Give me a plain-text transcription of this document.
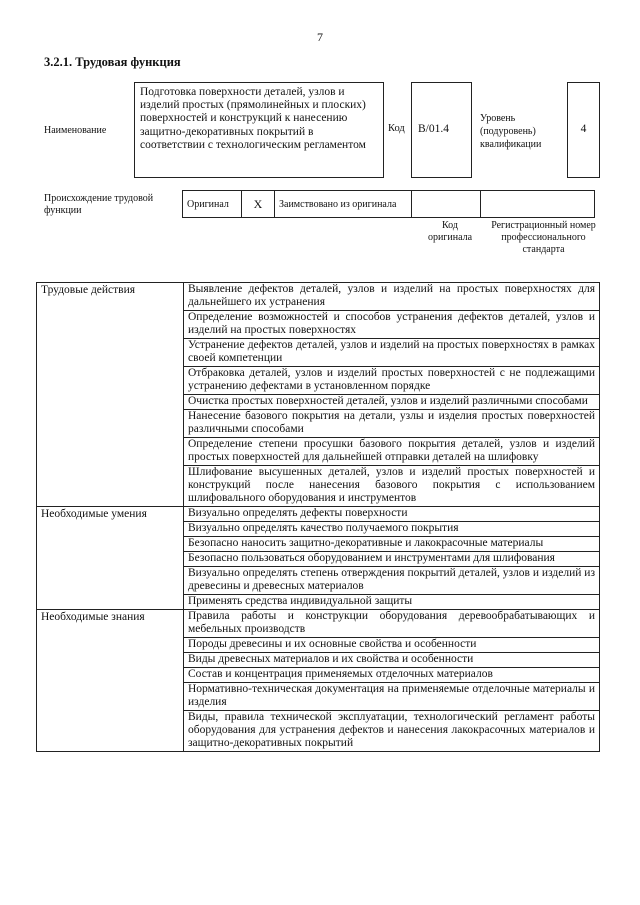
7
3.2.1. Трудовая функция
Наименование
Подготовка поверхности деталей, узлов и изделий простых (прямолинейных и плоских) поверхностей и конструкций к нанесению защитно-декоративных покрытий в соответствии с технологическим регламентом
Код	В/01.4
Уровень (подуровень) квалификации
4
Происхождение трудовой функции
Оригинал	X	Заимствовано из оригинала		
Код оригинала
Регистрационный номер профессионального стандарта
Трудовые действия	Выявление дефектов деталей, узлов и изделий на простых поверхностях для дальнейшего их устранения
	Определение возможностей и способов устранения дефектов деталей, узлов и изделий на простых поверхностях
	Устранение дефектов деталей, узлов и изделий на простых поверхностях в рамках своей компетенции
	Отбраковка деталей, узлов и изделий простых поверхностей с не подлежащими устранению дефектами в установленном порядке
	Очистка простых поверхностей деталей, узлов и изделий различными способами
	Нанесение базового покрытия на детали, узлы и изделия простых поверхностей различными способами
	Определение степени просушки базового покрытия деталей, узлов и изделий простых поверхностей для дальнейшей отправки деталей на шлифовку
	Шлифование высушенных деталей, узлов и изделий простых поверхностей и конструкций после нанесения базового покрытия с использованием шлифовального оборудования и инструментов
Необходимые умения	Визуально определять дефекты поверхности
	Визуально определять качество получаемого покрытия
	Безопасно наносить защитно-декоративные и лакокрасочные материалы
	Безопасно пользоваться оборудованием и инструментами для шлифования
	Визуально определять степень отверждения покрытий деталей, узлов и изделий из древесины и древесных материалов
	Применять средства индивидуальной защиты
Необходимые знания	Правила работы и конструкции оборудования деревообрабатывающих и мебельных производств
	Породы древесины и их основные свойства и особенности
	Виды древесных материалов и их свойства и особенности
	Состав и концентрация применяемых отделочных материалов
	Нормативно-техническая документация на применяемые отделочные материалы и изделия
	Виды, правила технической эксплуатации, технологический регламент работы оборудования для устранения дефектов и нанесения лакокрасочных материалов и защитно-декоративных покрытий
